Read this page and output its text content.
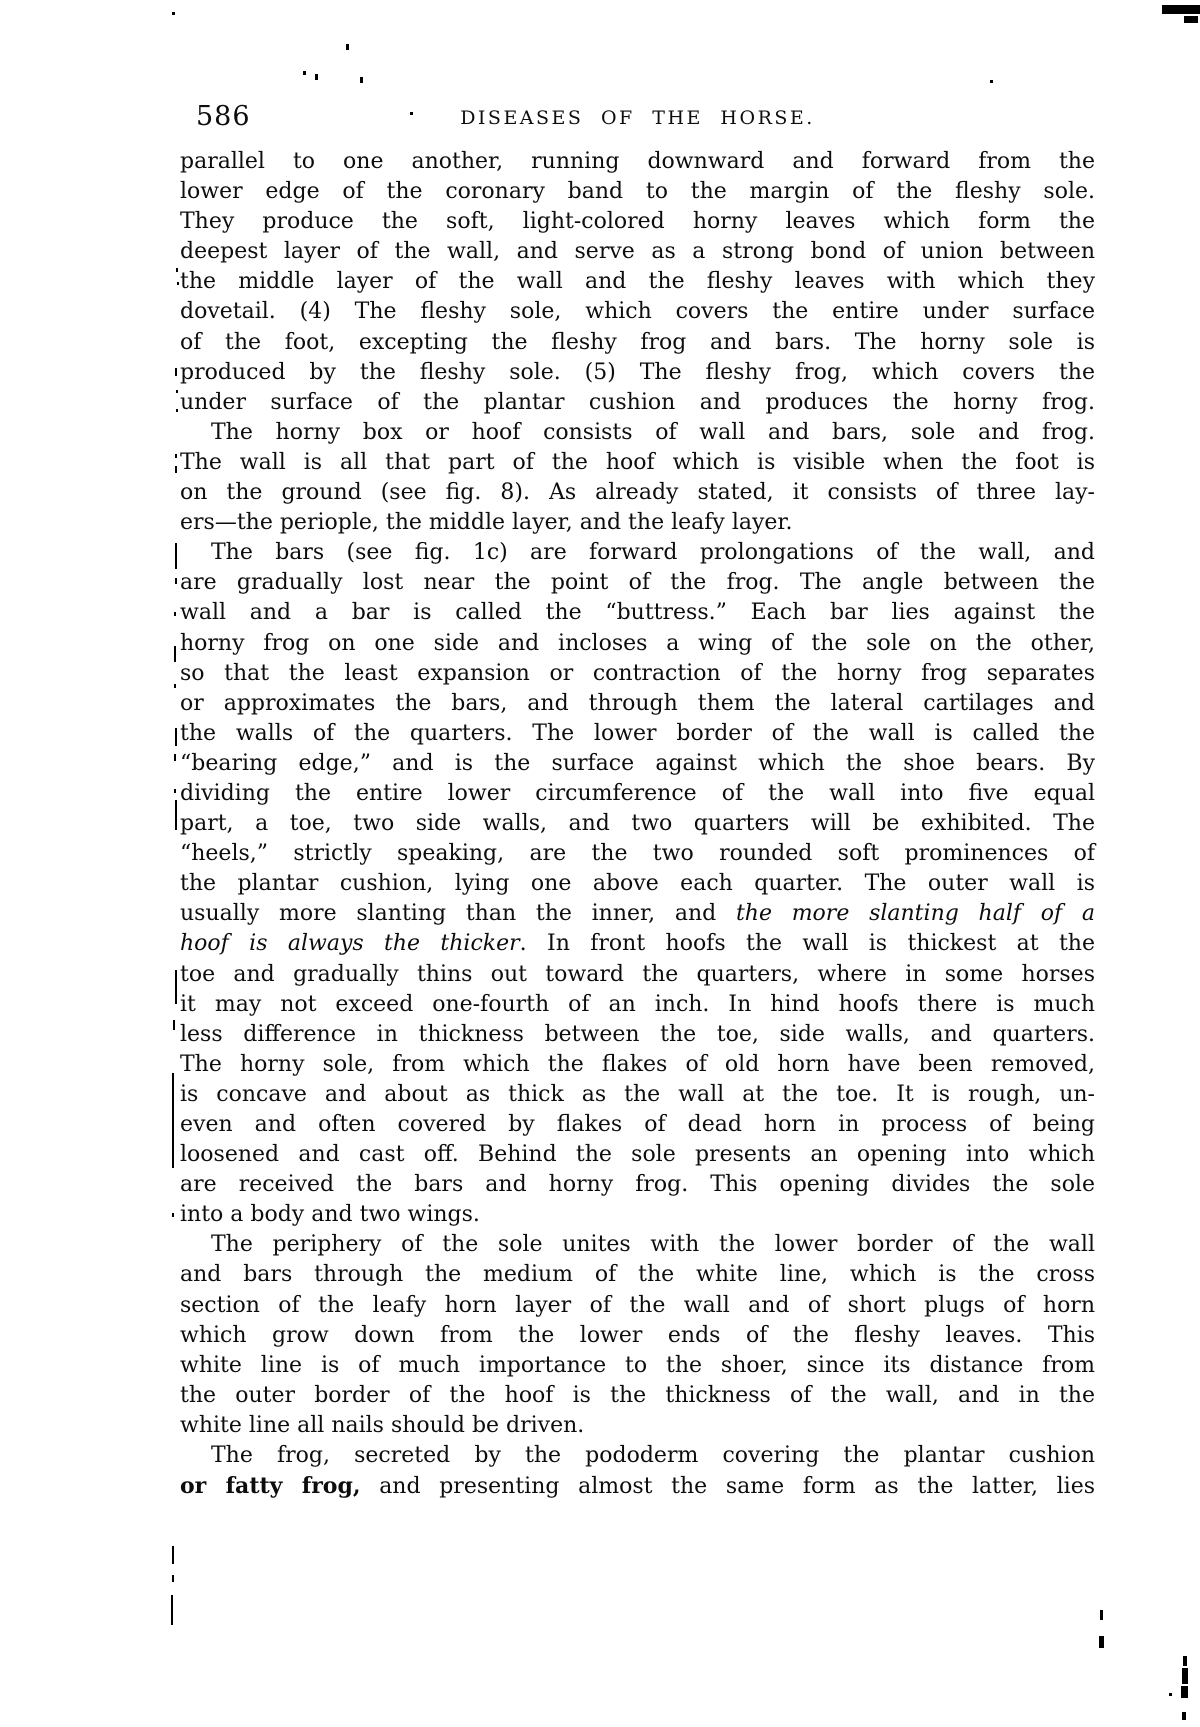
586	DISEASES OF THE HORSE.
parallel to one another, running downward and forward from the
lower edge of the coronary band to the margin of the fleshy sole.
They produce the soft, light-colored horny leaves which form the
deepest layer of the wall, and serve as a strong bond of union between
the middle layer of the wall and the fleshy leaves with which they
dovetail. (4) The fleshy sole, which covers the entire under surface
of the foot, excepting the fleshy frog and bars. The horny sole is
produced by the fleshy sole. (5) The fleshy frog, which covers the
under surface of the plantar cushion and produces the horny frog.
The horny box or hoof consists of wall and bars, sole and frog.
The wall is all that part of the hoof which is visible when the foot is
on the ground (see fig. 8). As already stated, it consists of three lay-
ers—the periople, the middle layer, and the leafy layer.
The bars (see fig. 1c) are forward prolongations of the wall, and
are gradually lost near the point of the frog. The angle between the
wall and a bar is called the “buttress.” Each bar lies against the
horny frog on one side and incloses a wing of the sole on the other,
so that the least expansion or contraction of the horny frog separates
or approximates the bars, and through them the lateral cartilages and
the walls of the quarters. The lower border of the wall is called the
“bearing edge,” and is the surface against which the shoe bears. By
dividing the entire lower circumference of the wall into five equal
part, a toe, two side walls, and two quarters will be exhibited. The
“heels,” strictly speaking, are the two rounded soft prominences of
the plantar cushion, lying one above each quarter. The outer wall is
usually more slanting than the inner, and the more slanting half of a
hoof is always the thicker. In front hoofs the wall is thickest at the
toe and gradually thins out toward the quarters, where in some horses
it may not exceed one-fourth of an inch. In hind hoofs there is much
less difference in thickness between the toe, side walls, and quarters.
The horny sole, from which the flakes of old horn have been removed,
is concave and about as thick as the wall at the toe. It is rough, un-
even and often covered by flakes of dead horn in process of being
loosened and cast off. Behind the sole presents an opening into which
are received the bars and horny frog. This opening divides the sole
into a body and two wings.
The periphery of the sole unites with the lower border of the wall
and bars through the medium of the white line, which is the cross
section of the leafy horn layer of the wall and of short plugs of horn
which grow down from the lower ends of the fleshy leaves. This
white line is of much importance to the shoer, since its distance from
the outer border of the hoof is the thickness of the wall, and in the
white line all nails should be driven.
The frog, secreted by the pododerm covering the plantar cushion
or fatty frog, and presenting almost the same form as the latter, lies
